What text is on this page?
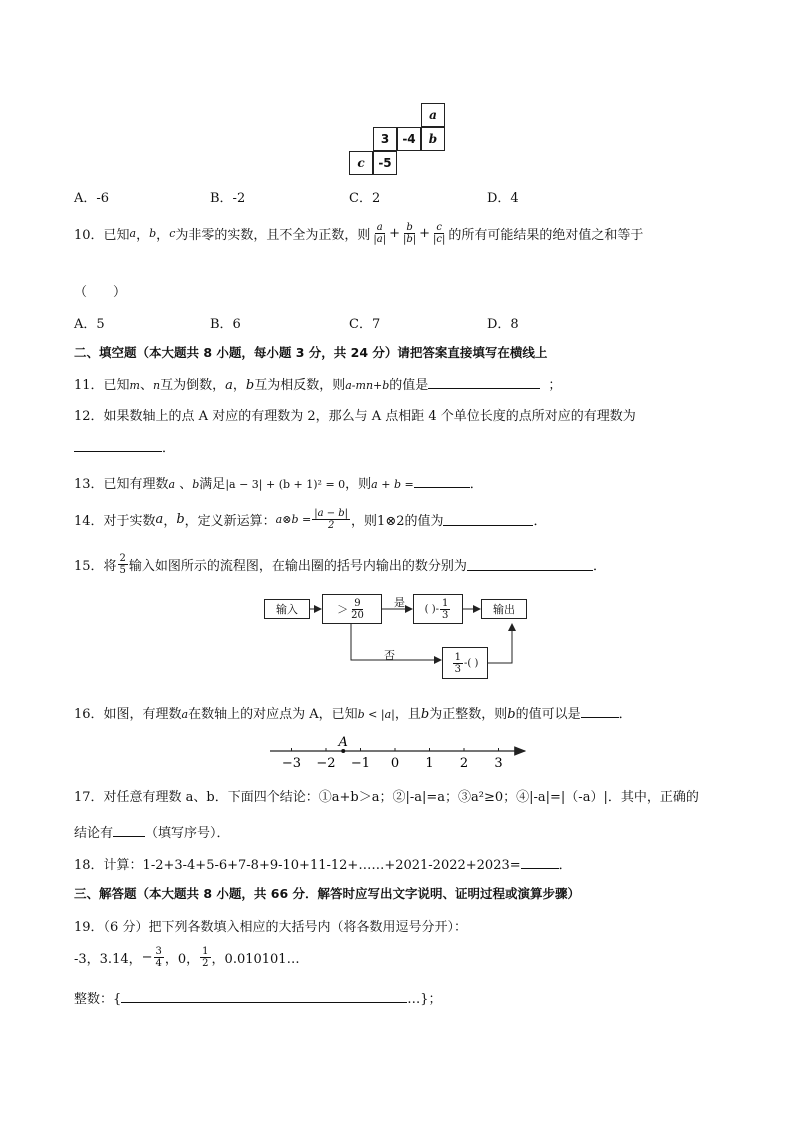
a
3	-4	b
c	-5
A．-6	B．-2	C．2	D．4
10．已知 a ， b ， c 为非零的实数，且不全为正数，则 $\frac{a}{|a|} + \frac{b}{|b|} + \frac{c}{|c|}$ 的所有可能结果的绝对值之和等于
（　　）
A．5	B．6	C．7	D．8
二、填空题（本大题共 8 小题，每小题 3 分，共 24 分）请把答案直接填写在横线上
11．已知m、n互为倒数，a，b互为相反数，则a-mn+b的值是	；
12．如果数轴上的点 A 对应的有理数为 2，那么与 A 点相距 4 个单位长度的点所对应的有理数为
．
13．已知有理数a 、b满足|a − 3| + (b + 1)² = 0，则a + b =	．
14．对于实数 a ， b ，定义新运算： a⊗b = $\frac{|a - b|}{2}$ ，则1⊗2的值为	．
15．将 $\frac{2}{5}$ 输入如图所示的流程图，在输出圈的括号内输出的数分别为	．
输入	＞ $\frac{9}{20}$	是 ( )- $\frac{1}{3}$	输出
否	$\frac{1}{3}$ -( )
16．如图，有理数a在数轴上的对应点为 A，已知b < |a|，且b为正整数，则b的值可以是	．
−3 −2 −1 0 1 2 3
A
17．对任意有理数 a、b．下面四个结论：①a+b＞a；②|-a|=a；③a²≥0；④|-a|=|（-a）|．其中，正确的
结论有 （填写序号）．
18．计算：1-2+3-4+5-6+7-8+9-10+11-12+……+2021-2022+2023=	．
三、解答题（本大题共 8 小题，共 66 分．解答时应写出文字说明、证明过程或演算步骤）
19．（6 分）把下列各数填入相应的大括号内（将各数用逗号分开）：
-3，3.14， − $\frac{3}{4}$ ，0， $\frac{1}{2}$ ，0.010101…
整数：{	…}；
